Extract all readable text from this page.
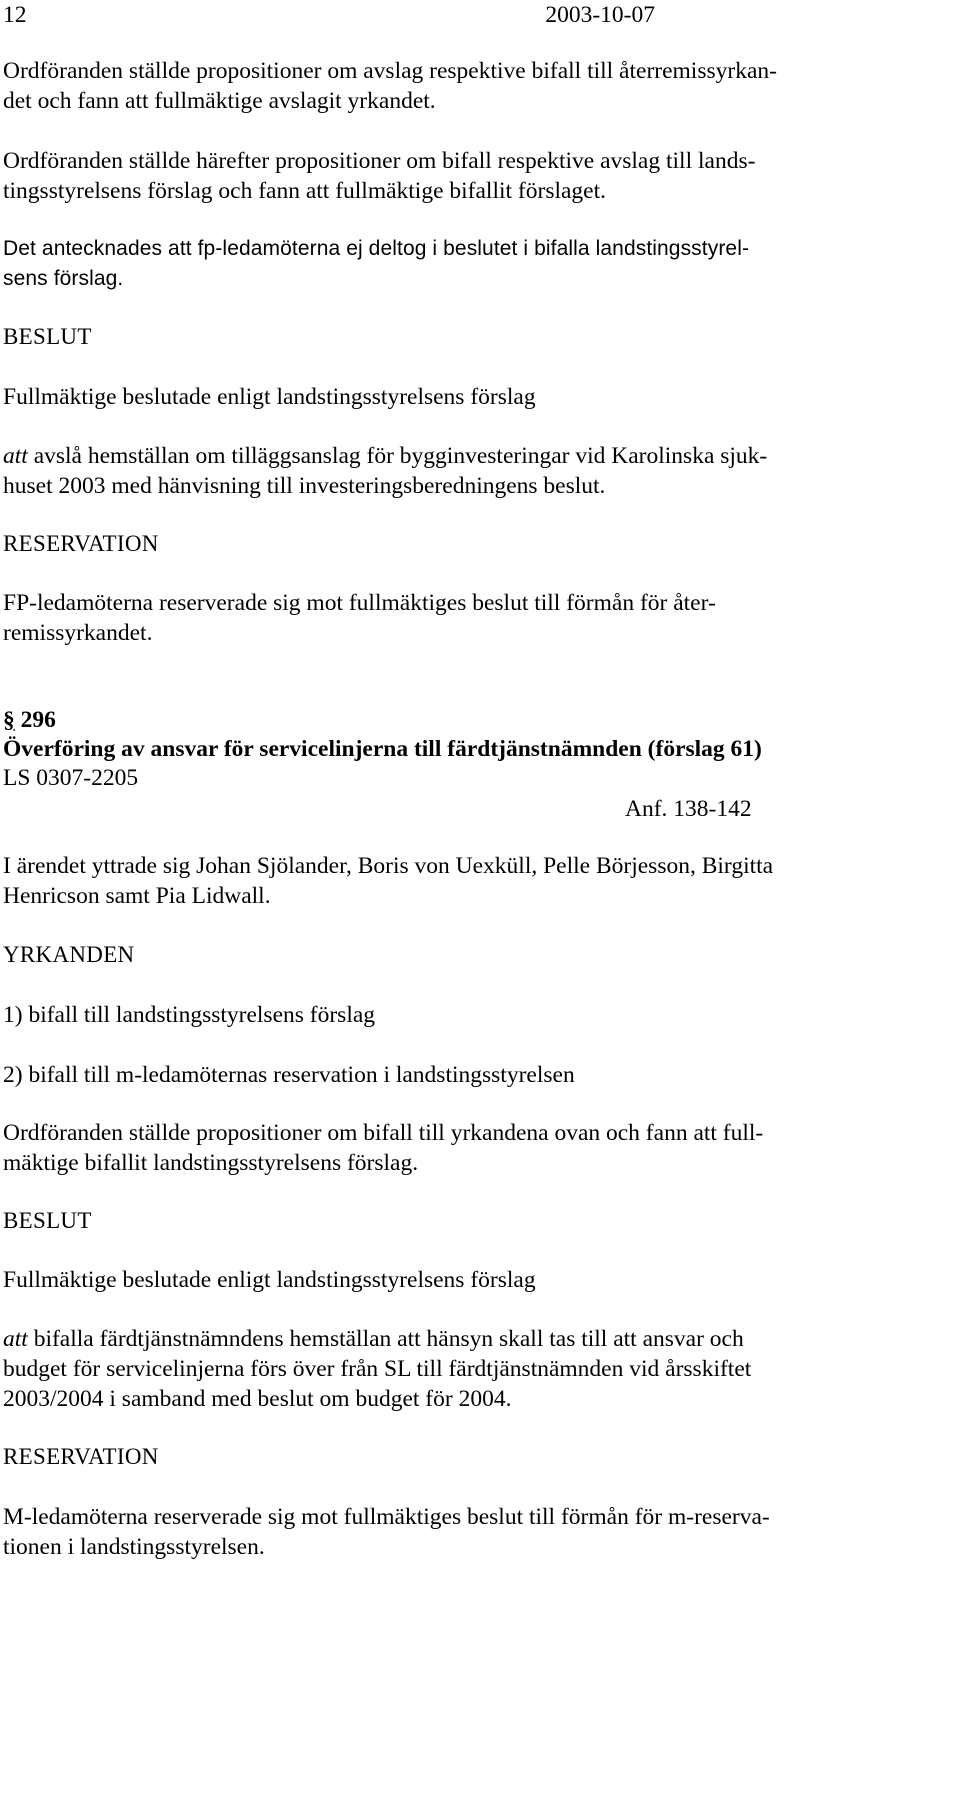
12	2003-10-07
Ordföranden ställde propositioner om avslag respektive bifall till återremissyrkan-
det och fann att fullmäktige avslagit yrkandet.
Ordföranden ställde härefter propositioner om bifall respektive avslag till lands-
tingsstyrelsens förslag och fann att fullmäktige bifallit förslaget.
Det antecknades att fp-ledamöterna ej deltog i beslutet i bifalla landstingsstyrel-
sens förslag.
BESLUT
Fullmäktige beslutade enligt landstingsstyrelsens förslag
att avslå hemställan om tilläggsanslag för bygginvesteringar vid Karolinska sjuk-
huset 2003 med hänvisning till investeringsberedningens beslut.
RESERVATION
FP-ledamöterna reserverade sig mot fullmäktiges beslut till förmån för åter-
remissyrkandet.
§ 296
Överföring av ansvar för servicelinjerna till färdtjänstnämnden (förslag 61)
LS 0307-2205
Anf. 138-142
I ärendet yttrade sig Johan Sjölander, Boris von Uexküll, Pelle Börjesson, Birgitta
Henricson samt Pia Lidwall.
YRKANDEN
1) bifall till landstingsstyrelsens förslag
2) bifall till m-ledamöternas reservation i landstingsstyrelsen
Ordföranden ställde propositioner om bifall till yrkandena ovan och fann att full-
mäktige bifallit landstingsstyrelsens förslag.
BESLUT
Fullmäktige beslutade enligt landstingsstyrelsens förslag
att bifalla färdtjänstnämndens hemställan att hänsyn skall tas till att ansvar och
budget för servicelinjerna förs över från SL till färdtjänstnämnden vid årsskiftet
2003/2004 i samband med beslut om budget för 2004.
RESERVATION
M-ledamöterna reserverade sig mot fullmäktiges beslut till förmån för m-reserva-
tionen i landstingsstyrelsen.
